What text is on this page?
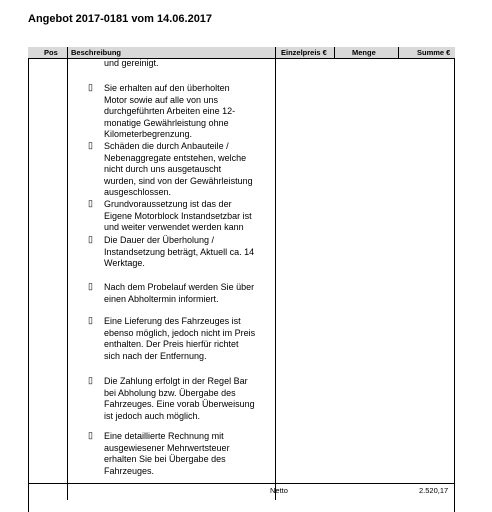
Angebot 2017-0181 vom 14.06.2017
Pos Beschreibung	Einzelpreis €	Menge	Summe €
und gereinigt.
▯ Sie erhalten auf den überholten
Motor sowie auf alle von uns
durchgeführten Arbeiten eine 12-
monatige Gewährleistung ohne
Kilometerbegrenzung.
▯ Schäden die durch Anbauteile /
Nebenaggregate entstehen, welche
nicht durch uns ausgetauscht
wurden, sind von der Gewährleistung
ausgeschlossen.
▯ Grundvoraussetzung ist das der
Eigene Motorblock Instandsetzbar ist
und weiter verwendet werden kann
▯ Die Dauer der Überholung /
Instandsetzung beträgt, Aktuell ca. 14
Werktage.
▯ Nach dem Probelauf werden Sie über
einen Abholtermin informiert.
▯ Eine Lieferung des Fahrzeuges ist
ebenso möglich, jedoch nicht im Preis
enthalten. Der Preis hierfür richtet
sich nach der Entfernung.
▯ Die Zahlung erfolgt in der Regel Bar
bei Abholung bzw. Übergabe des
Fahrzeuges. Eine vorab Überweisung
ist jedoch auch möglich.
▯ Eine detaillierte Rechnung mit
ausgewiesener Mehrwertsteuer
erhalten Sie bei Übergabe des
Fahrzeuges.
Netto	2.520,17
